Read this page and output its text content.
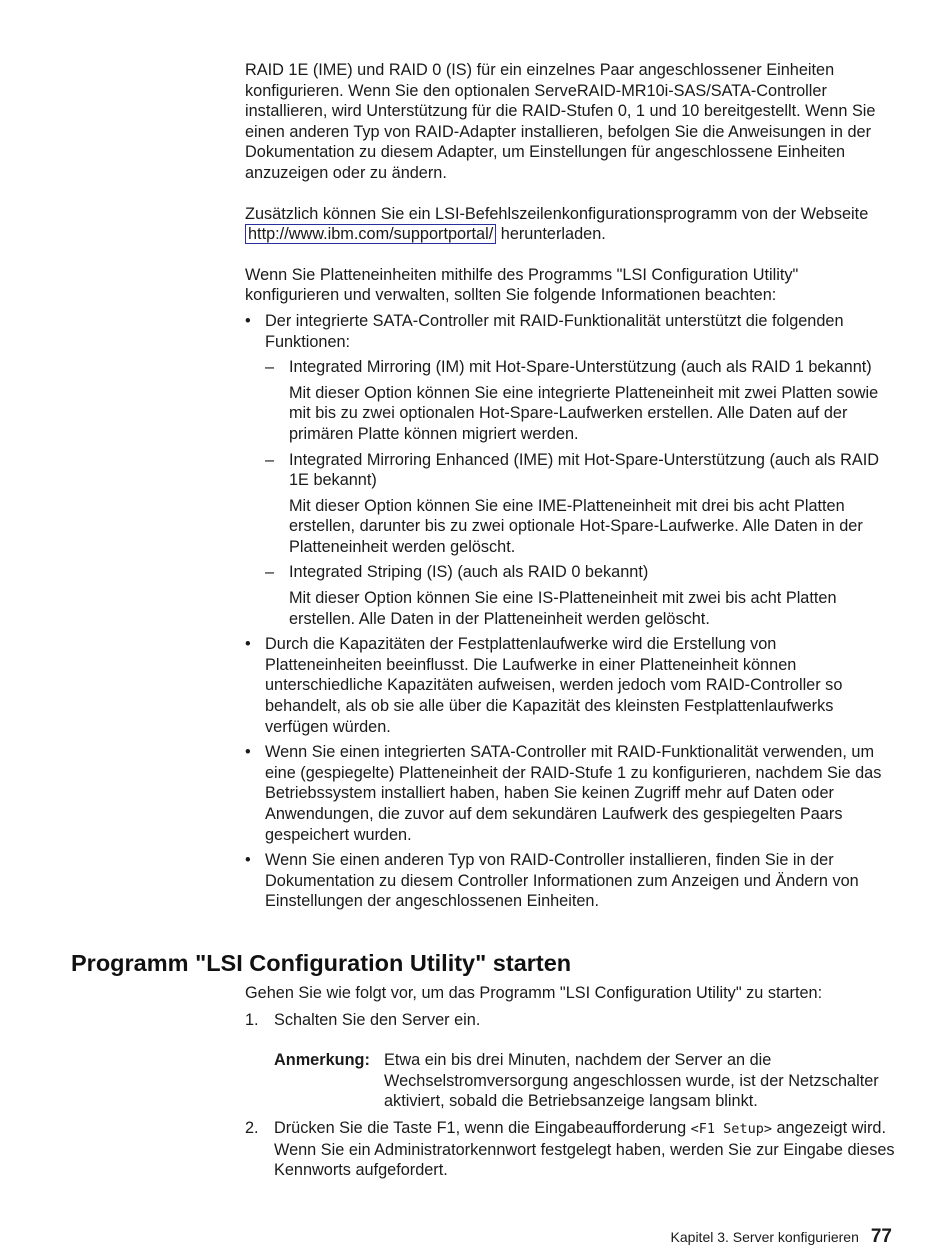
RAID 1E (IME) und RAID 0 (IS) für ein einzelnes Paar angeschlossener Einheiten konfigurieren. Wenn Sie den optionalen ServeRAID-MR10i-SAS/SATA-Controller installieren, wird Unterstützung für die RAID-Stufen 0, 1 und 10 bereitgestellt. Wenn Sie einen anderen Typ von RAID-Adapter installieren, befolgen Sie die Anweisungen in der Dokumentation zu diesem Adapter, um Einstellungen für angeschlossene Einheiten anzuzeigen oder zu ändern.

Zusätzlich können Sie ein LSI-Befehlszeilenkonfigurationsprogramm von der Webseite http://www.ibm.com/supportportal/ herunterladen.

Wenn Sie Platteneinheiten mithilfe des Programms "LSI Configuration Utility" konfigurieren und verwalten, sollten Sie folgende Informationen beachten:

• Der integrierte SATA-Controller mit RAID-Funktionalität unterstützt die folgenden Funktionen:
– Integrated Mirroring (IM) mit Hot-Spare-Unterstützung (auch als RAID 1 bekannt)
Mit dieser Option können Sie eine integrierte Platteneinheit mit zwei Platten sowie mit bis zu zwei optionalen Hot-Spare-Laufwerken erstellen. Alle Daten auf der primären Platte können migriert werden.
– Integrated Mirroring Enhanced (IME) mit Hot-Spare-Unterstützung (auch als RAID 1E bekannt)
Mit dieser Option können Sie eine IME-Platteneinheit mit drei bis acht Platten erstellen, darunter bis zu zwei optionale Hot-Spare-Laufwerke. Alle Daten in der Platteneinheit werden gelöscht.
– Integrated Striping (IS) (auch als RAID 0 bekannt)
Mit dieser Option können Sie eine IS-Platteneinheit mit zwei bis acht Platten erstellen. Alle Daten in der Platteneinheit werden gelöscht.
• Durch die Kapazitäten der Festplattenlaufwerke wird die Erstellung von Platteneinheiten beeinflusst. Die Laufwerke in einer Platteneinheit können unterschiedliche Kapazitäten aufweisen, werden jedoch vom RAID-Controller so behandelt, als ob sie alle über die Kapazität des kleinsten Festplattenlaufwerks verfügen würden.
• Wenn Sie einen integrierten SATA-Controller mit RAID-Funktionalität verwenden, um eine (gespiegelte) Platteneinheit der RAID-Stufe 1 zu konfigurieren, nachdem Sie das Betriebssystem installiert haben, haben Sie keinen Zugriff mehr auf Daten oder Anwendungen, die zuvor auf dem sekundären Laufwerk des gespiegelten Paars gespeichert wurden.
• Wenn Sie einen anderen Typ von RAID-Controller installieren, finden Sie in der Dokumentation zu diesem Controller Informationen zum Anzeigen und Ändern von Einstellungen der angeschlossenen Einheiten.
Programm "LSI Configuration Utility" starten

Gehen Sie wie folgt vor, um das Programm "LSI Configuration Utility" zu starten:

1. Schalten Sie den Server ein.
Anmerkung: Etwa ein bis drei Minuten, nachdem der Server an die Wechselstromversorgung angeschlossen wurde, ist der Netzschalter aktiviert, sobald die Betriebsanzeige langsam blinkt.
2. Drücken Sie die Taste F1, wenn die Eingabeaufforderung <F1 Setup> angezeigt wird. Wenn Sie ein Administratorkennwort festgelegt haben, werden Sie zur Eingabe dieses Kennworts aufgefordert.
Kapitel 3. Server konfigurieren 77
